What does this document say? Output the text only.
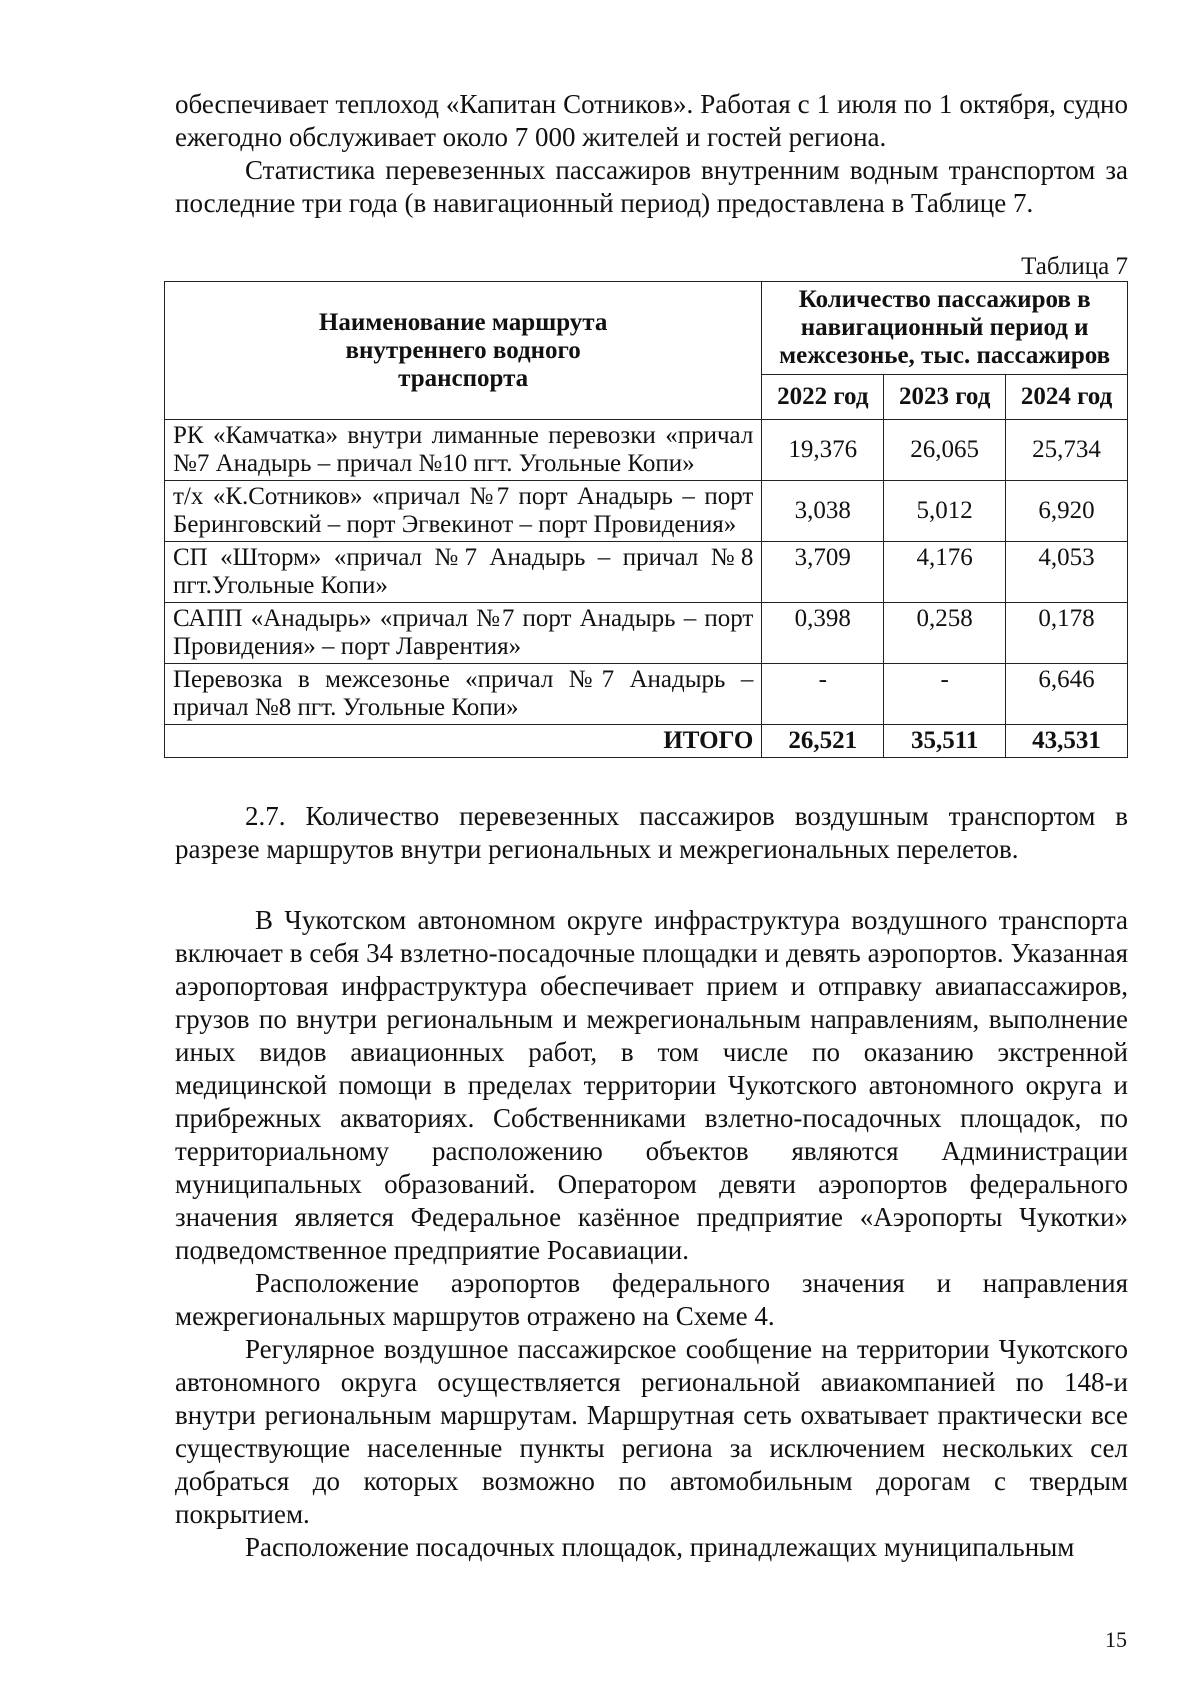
обеспечивает теплоход «Капитан Сотников». Работая с 1 июля по 1 октября, судно ежегодно обслуживает около 7 000 жителей и гостей региона.

Статистика перевезенных пассажиров внутренним водным транспортом за последние три года (в навигационный период) предоставлена в Таблице 7.

Таблица 7
Наименование маршрута внутреннего водного транспорта	Количество пассажиров в навигационный период и межсезонье, тыс. пассажиров		
	2022 год	2023 год	2024 год
РК «Камчатка» внутри лиманные перевозки «причал №7 Анадырь – причал №10 пгт. Угольные Копи»	19,376	26,065	25,734
т/х «К.Сотников» «причал №7 порт Анадырь – порт Беринговский – порт Эгвекинот – порт Провидения»	3,038	5,012	6,920
СП «Шторм» «причал №7 Анадырь – причал №8 пгт.Угольные Копи»	3,709	4,176	4,053
САПП «Анадырь» «причал №7 порт Анадырь – порт Провидения» – порт Лаврентия»	0,398	0,258	0,178
Перевозка в межсезонье «причал №7 Анадырь – причал №8 пгт. Угольные Копи»	-	-	6,646
ИТОГО	26,521	35,511	43,531

2.7. Количество перевезенных пассажиров воздушным транспортом в разрезе маршрутов внутри региональных и межрегиональных перелетов.

В Чукотском автономном округе инфраструктура воздушного транспорта включает в себя 34 взлетно-посадочные площадки и девять аэропортов. Указанная аэропортовая инфраструктура обеспечивает прием и отправку авиапассажиров, грузов по внутри региональным и межрегиональным направлениям, выполнение иных видов авиационных работ, в том числе по оказанию экстренной медицинской помощи в пределах территории Чукотского автономного округа и прибрежных акваториях. Собственниками взлетно-посадочных площадок, по территориальному расположению объектов являются Администрации муниципальных образований. Оператором девяти аэропортов федерального значения является Федеральное казённое предприятие «Аэропорты Чукотки» подведомственное предприятие Росавиации.

Расположение аэропортов федерального значения и направления межрегиональных маршрутов отражено на Схеме 4.

Регулярное воздушное пассажирское сообщение на территории Чукотского автономного округа осуществляется региональной авиакомпанией по 148-и внутри региональным маршрутам. Маршрутная сеть охватывает практически все существующие населенные пункты региона за исключением нескольких сел добраться до которых возможно по автомобильным дорогам с твердым покрытием.

Расположение посадочных площадок, принадлежащих муниципальным

15
